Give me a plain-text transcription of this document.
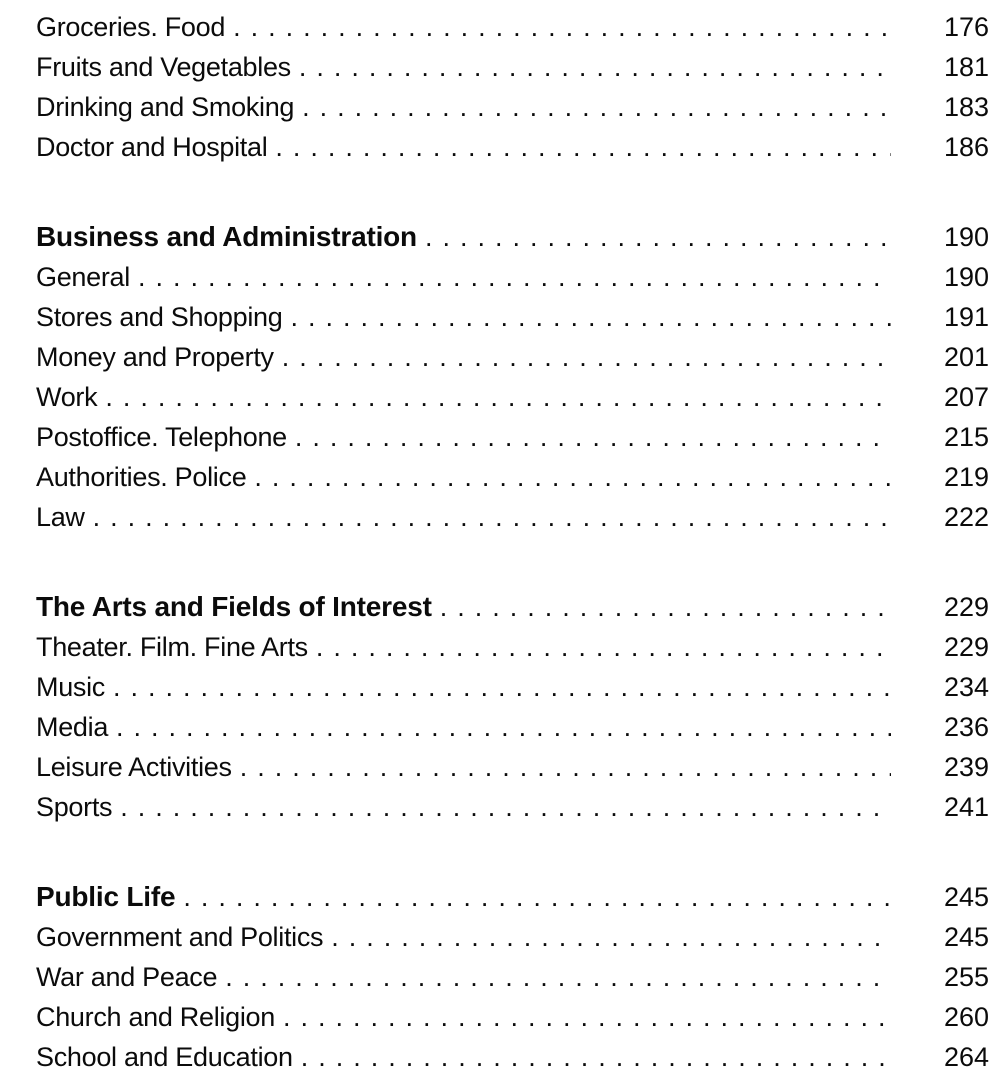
Groceries. Food .....	176
Fruits and Vegetables .....	181
Drinking and Smoking .....	183
Doctor and Hospital .....	186
Business and Administration .....	190
General .....	190
Stores and Shopping .....	191
Money and Property .....	201
Work .....	207
Postoffice. Telephone .....	215
Authorities. Police .....	219
Law .....	222
The Arts and Fields of Interest .....	229
Theater. Film. Fine Arts .....	229
Music .....	234
Media .....	236
Leisure Activities .....	239
Sports .....	241
Public Life .....	245
Government and Politics .....	245
War and Peace .....	255
Church and Religion .....	260
School and Education .....	264
